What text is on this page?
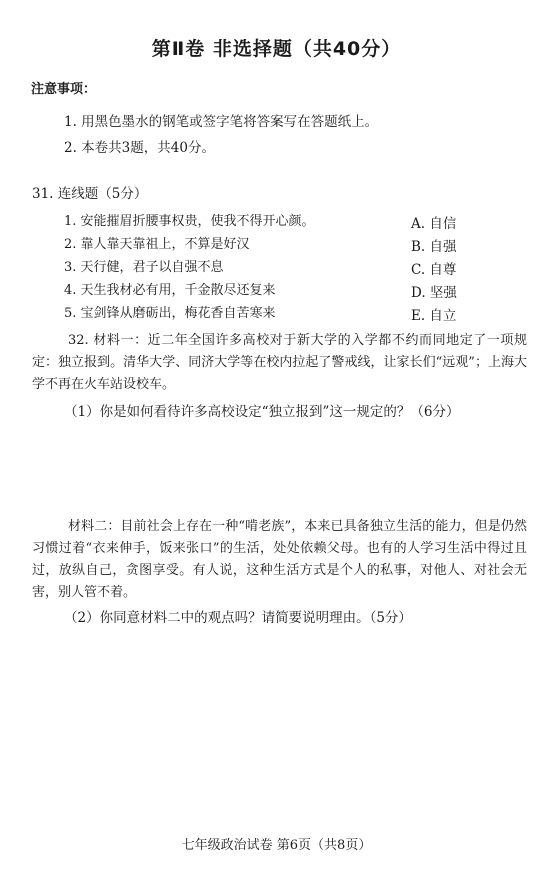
第Ⅱ卷 非选择题（共40分）
注意事项：
1. 用黑色墨水的钢笔或签字笔将答案写在答题纸上。
2. 本卷共3题，共40分。
31. 连线题（5分）
1. 安能摧眉折腰事权贵，使我不得开心颜。
2. 靠人靠天靠祖上，不算是好汉
3. 天行健，君子以自强不息
4. 天生我材必有用，千金散尽还复来
5. 宝剑锋从磨砺出，梅花香自苦寒来
A. 自信
B. 自强
C. 自尊
D. 坚强
E. 自立
32. 材料一：近二年全国许多高校对于新大学的入学都不约而同地定了一项规定：独立报到。清华大学、同济大学等在校内拉起了警戒线，让家长们“远观”；上海大学不再在火车站设校车。
（1）你是如何看待许多高校设定“独立报到”这一规定的？（6分）
材料二：目前社会上存在一种“啃老族”，本来已具备独立生活的能力，但是仍然习惯过着“衣来伸手，饭来张口”的生活，处处依赖父母。也有的人学习生活中得过且过，放纵自己，贪图享受。有人说，这种生活方式是个人的私事，对他人、对社会无害，别人管不着。
（2）你同意材料二中的观点吗？请简要说明理由。（5分）
七年级政治试卷 第6页（共8页）
